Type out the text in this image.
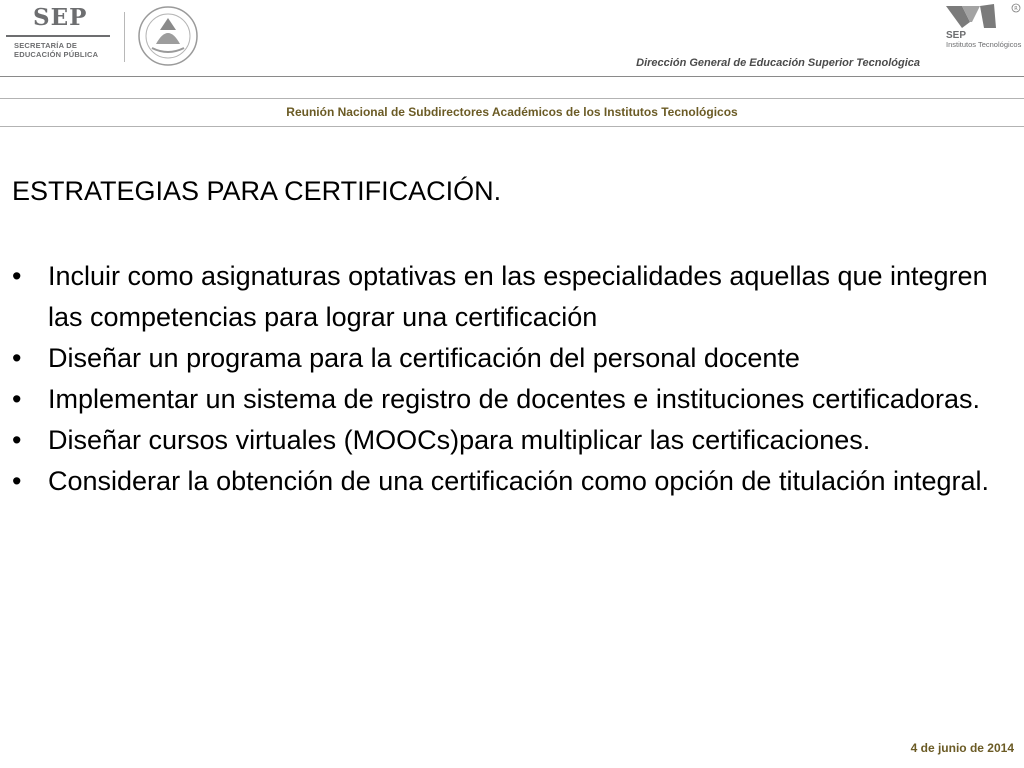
SEP
SECRETARÍA DE
EDUCACIÓN PÚBLICA
R
SEP
Institutos Tecnológicos
Dirección General de Educación Superior Tecnológica
Reunión Nacional de Subdirectores Académicos de los Institutos Tecnológicos
ESTRATEGIAS PARA CERTIFICACIÓN.
• Incluir como asignaturas optativas en las especialidades aquellas que integren las competencias para lograr una certificación
• Diseñar un programa para la certificación del personal docente
• Implementar un sistema de registro de docentes e instituciones certificadoras.
• Diseñar cursos virtuales (MOOCs)para multiplicar las certificaciones.
• Considerar la obtención de una certificación como opción de titulación integral.
4 de junio de 2014
